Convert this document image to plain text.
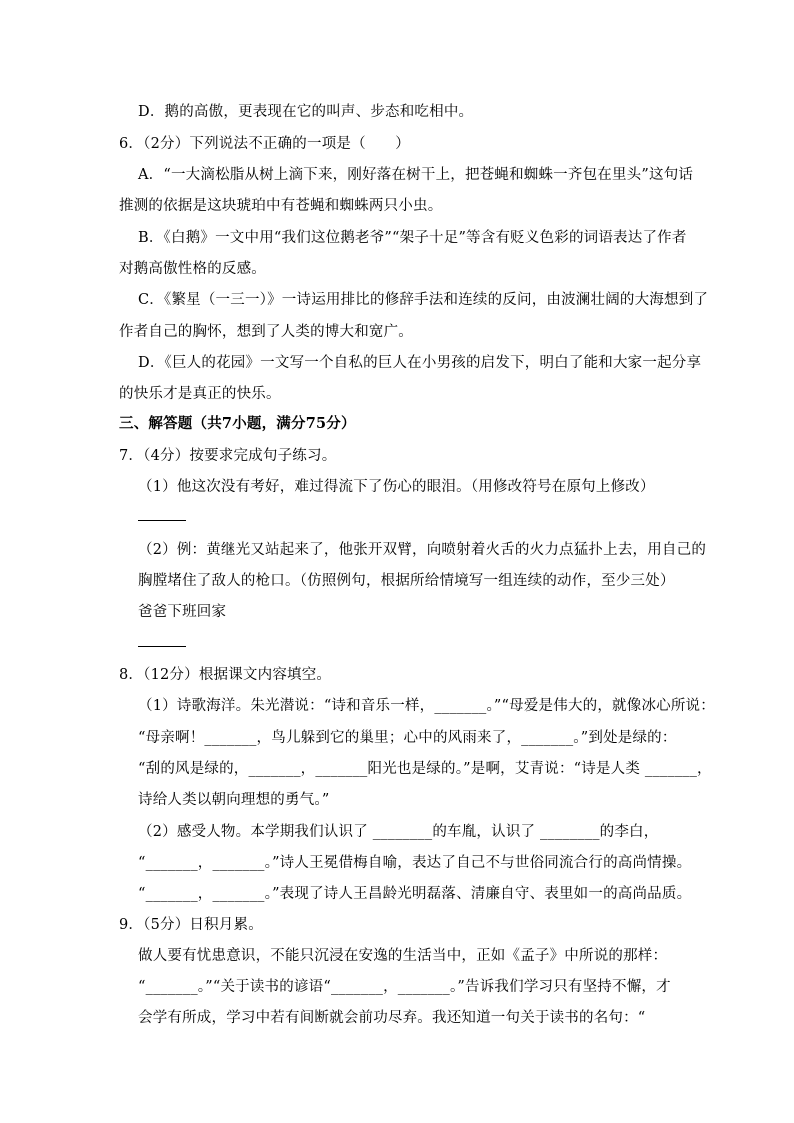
D．鹅的高傲，更表现在它的叫声、步态和吃相中。
6．（2分）下列说法不正确的一项是（　　）
A．“一大滴松脂从树上滴下来，刚好落在树干上，把苍蝇和蜘蛛一齐包在里头”这句话
推测的依据是这块琥珀中有苍蝇和蜘蛛两只小虫。
B．《白鹅》一文中用“我们这位鹅老爷”“架子十足”等含有贬义色彩的词语表达了作者
对鹅高傲性格的反感。
C．《繁星（一三一）》一诗运用排比的修辞手法和连续的反问，由波澜壮阔的大海想到了
作者自己的胸怀，想到了人类的博大和宽广。
D．《巨人的花园》一文写一个自私的巨人在小男孩的启发下，明白了能和大家一起分享
的快乐才是真正的快乐。
三、解答题（共7小题，满分75分）
7．（4分）按要求完成句子练习。
（1）他这次没有考好，难过得流下了伤心的眼泪。（用修改符号在原句上修改）
（2）例：黄继光又站起来了，他张开双臂，向喷射着火舌的火力点猛扑上去，用自己的
胸膛堵住了敌人的枪口。（仿照例句，根据所给情境写一组连续的动作，至少三处）
爸爸下班回家
8．（12分）根据课文内容填空。
（1）诗歌海洋。朱光潜说：“诗和音乐一样，_______。”“母爱是伟大的，就像冰心所说：
“母亲啊！_______，鸟儿躲到它的巢里；心中的风雨来了，_______。”到处是绿的：
“刮的风是绿的，_______，_______阳光也是绿的。”是啊，艾青说：“诗是人类 _______，
诗给人类以朝向理想的勇气。”
（2）感受人物。本学期我们认识了 ________的车胤，认识了 ________的李白，
“_______，_______。”诗人王冕借梅自喻，表达了自己不与世俗同流合行的高尚情操。
“_______，_______。”表现了诗人王昌龄光明磊落、清廉自守、表里如一的高尚品质。
9．（5分）日积月累。
做人要有忧患意识，不能只沉浸在安逸的生活当中，正如《孟子》中所说的那样：
“_______。”“关于读书的谚语“_______，_______。”告诉我们学习只有坚持不懈，才
会学有所成，学习中若有间断就会前功尽弃。我还知道一句关于读书的名句：“
